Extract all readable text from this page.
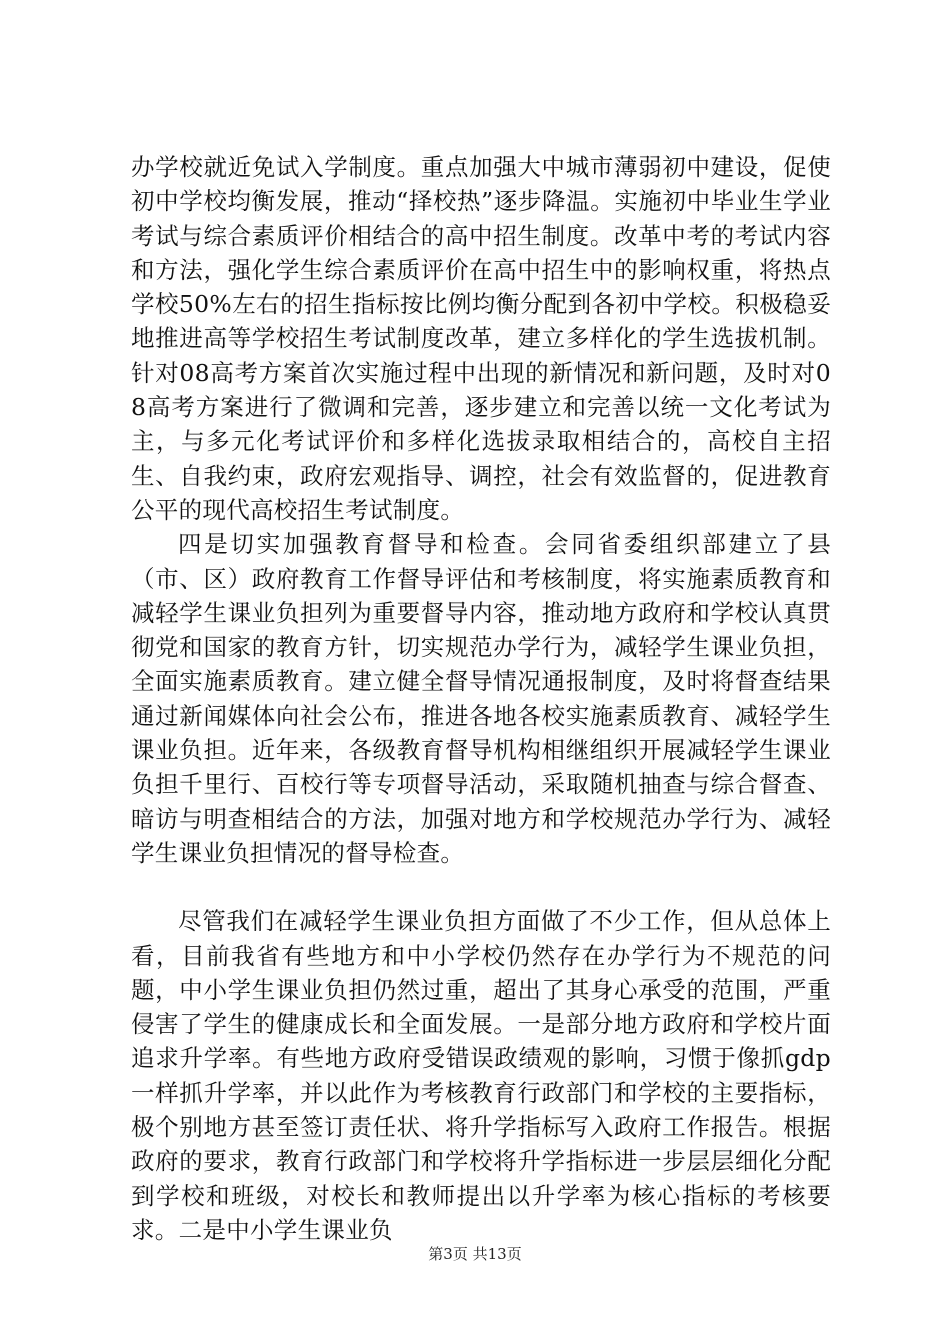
办学校就近免试入学制度。重点加强大中城市薄弱初中建设，促使初中学校均衡发展，推动“择校热”逐步降温。实施初中毕业生学业考试与综合素质评价相结合的高中招生制度。改革中考的考试内容和方法，强化学生综合素质评价在高中招生中的影响权重，将热点学校50%左右的招生指标按比例均衡分配到各初中学校。积极稳妥地推进高等学校招生考试制度改革，建立多样化的学生选拔机制。针对08高考方案首次实施过程中出现的新情况和新问题，及时对08高考方案进行了微调和完善，逐步建立和完善以统一文化考试为主，与多元化考试评价和多样化选拔录取相结合的，高校自主招生、自我约束，政府宏观指导、调控，社会有效监督的，促进教育公平的现代高校招生考试制度。

四是切实加强教育督导和检查。会同省委组织部建立了县（市、区）政府教育工作督导评估和考核制度，将实施素质教育和减轻学生课业负担列为重要督导内容，推动地方政府和学校认真贯彻党和国家的教育方针，切实规范办学行为，减轻学生课业负担，全面实施素质教育。建立健全督导情况通报制度，及时将督查结果通过新闻媒体向社会公布，推进各地各校实施素质教育、减轻学生课业负担。近年来，各级教育督导机构相继组织开展减轻学生课业负担千里行、百校行等专项督导活动，采取随机抽查与综合督查、暗访与明查相结合的方法，加强对地方和学校规范办学行为、减轻学生课业负担情况的督导检查。

尽管我们在减轻学生课业负担方面做了不少工作，但从总体上看，目前我省有些地方和中小学校仍然存在办学行为不规范的问题，中小学生课业负担仍然过重，超出了其身心承受的范围，严重侵害了学生的健康成长和全面发展。一是部分地方政府和学校片面追求升学率。有些地方政府受错误政绩观的影响，习惯于像抓gdp一样抓升学率，并以此作为考核教育行政部门和学校的主要指标，极个别地方甚至签订责任状、将升学指标写入政府工作报告。根据政府的要求，教育行政部门和学校将升学指标进一步层层细化分配到学校和班级，对校长和教师提出以升学率为核心指标的考核要求。二是中小学生课业负

第3页 共13页
